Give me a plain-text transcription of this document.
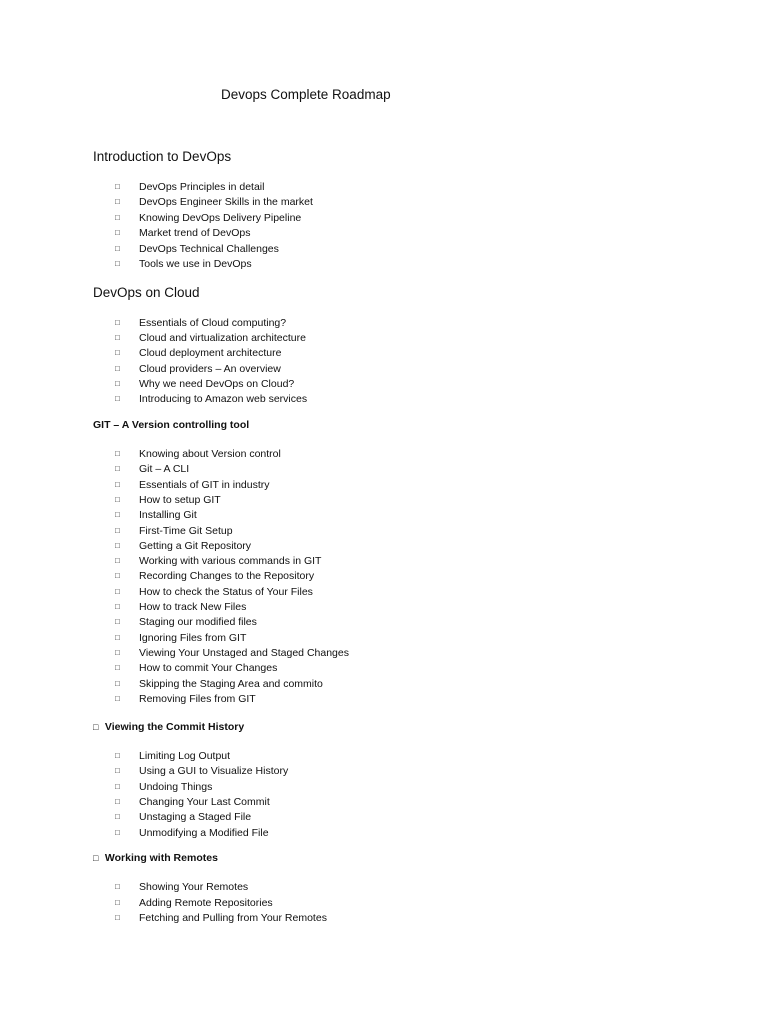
Devops Complete Roadmap
Introduction to DevOps
□ DevOps Principles in detail
□ DevOps Engineer Skills in the market
□ Knowing DevOps Delivery Pipeline
□ Market trend of DevOps
□ DevOps Technical Challenges
□ Tools we use in DevOps
DevOps on Cloud
□ Essentials of Cloud computing?
□ Cloud and virtualization architecture
□ Cloud deployment architecture
□ Cloud providers – An overview
□ Why we need DevOps on Cloud?
□ Introducing to Amazon web services
GIT – A Version controlling tool
□ Knowing about Version control
□ Git – A CLI
□ Essentials of GIT in industry
□ How to setup GIT
□ Installing Git
□ First-Time Git Setup
□ Getting a Git Repository
□ Working with various commands in GIT
□ Recording Changes to the Repository
□ How to check the Status of Your Files
□ How to track New Files
□ Staging our modified files
□ Ignoring Files from GIT
□ Viewing Your Unstaged and Staged Changes
□ How to commit Your Changes
□ Skipping the Staging Area and commito
□ Removing Files from GIT
□ Viewing the Commit History
□ Limiting Log Output
□ Using a GUI to Visualize History
□ Undoing Things
□ Changing Your Last Commit
□ Unstaging a Staged File
□ Unmodifying a Modified File
□ Working with Remotes
□ Showing Your Remotes
□ Adding Remote Repositories
□ Fetching and Pulling from Your Remotes
